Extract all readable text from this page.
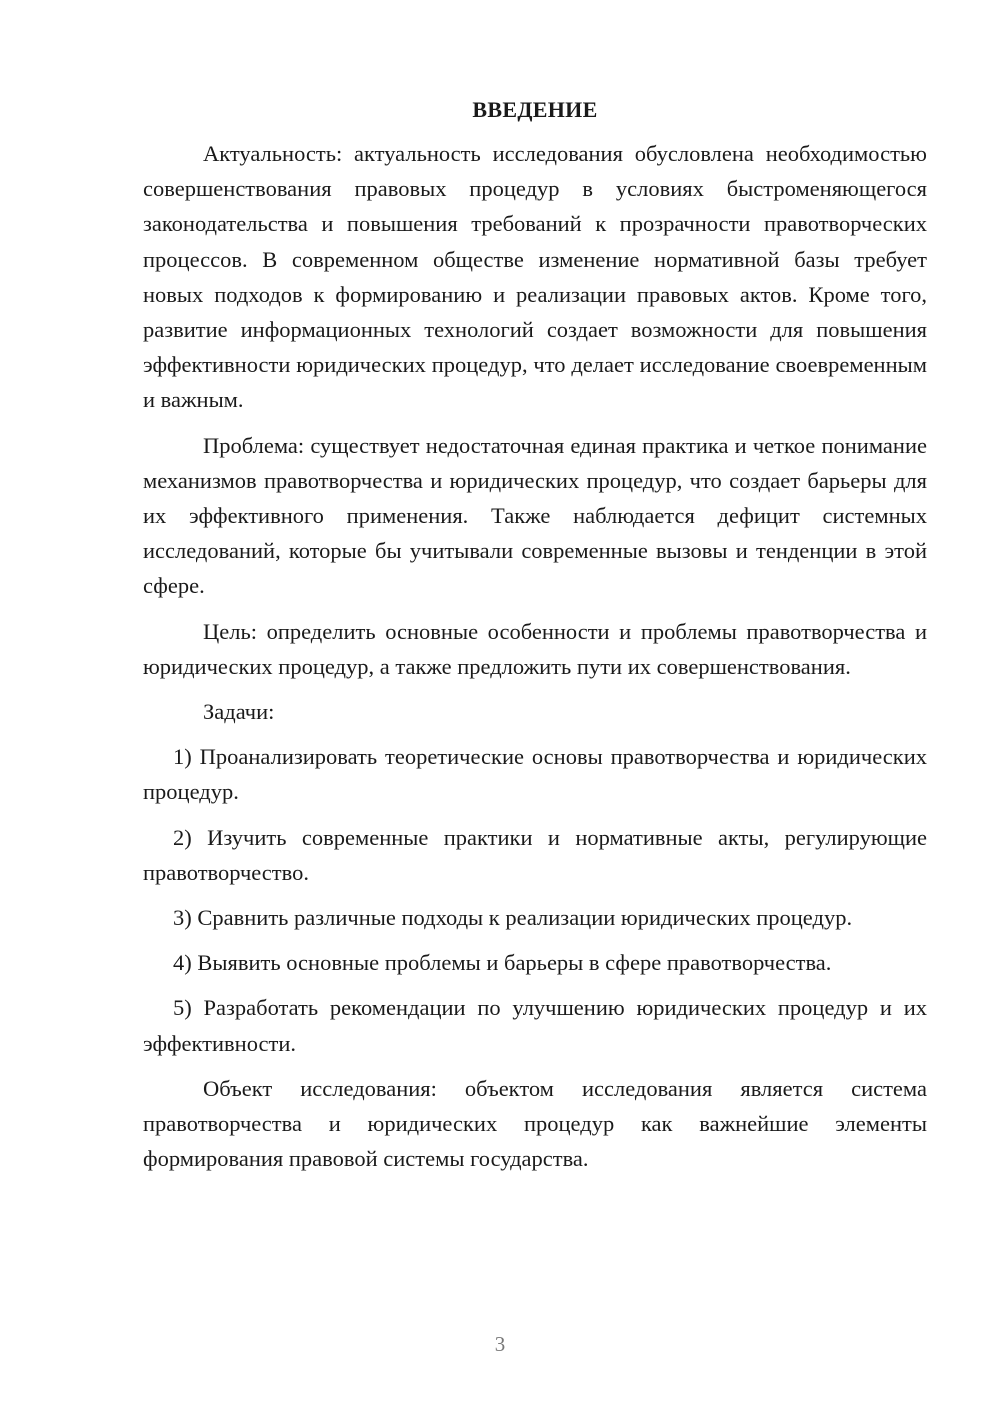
ВВЕДЕНИЕ

Актуальность: актуальность исследования обусловлена необходимостью совершенствования правовых процедур в условиях быстроменяющегося законодательства и повышения требований к прозрачности правотворческих процессов. В современном обществе изменение нормативной базы требует новых подходов к формированию и реализации правовых актов. Кроме того, развитие информационных технологий создает возможности для повышения эффективности юридических процедур, что делает исследование своевременным и важным.

Проблема: существует недостаточная единая практика и четкое понимание механизмов правотворчества и юридических процедур, что создает барьеры для их эффективного применения. Также наблюдается дефицит системных исследований, которые бы учитывали современные вызовы и тенденции в этой сфере.

Цель: определить основные особенности и проблемы правотворчества и юридических процедур, а также предложить пути их совершенствования.

Задачи:

1) Проанализировать теоретические основы правотворчества и юридических процедур.

2) Изучить современные практики и нормативные акты, регулирующие правотворчество.

3) Сравнить различные подходы к реализации юридических процедур.

4) Выявить основные проблемы и барьеры в сфере правотворчества.

5) Разработать рекомендации по улучшению юридических процедур и их эффективности.

Объект исследования: объектом исследования является система правотворчества и юридических процедур как важнейшие элементы формирования правовой системы государства.

3
